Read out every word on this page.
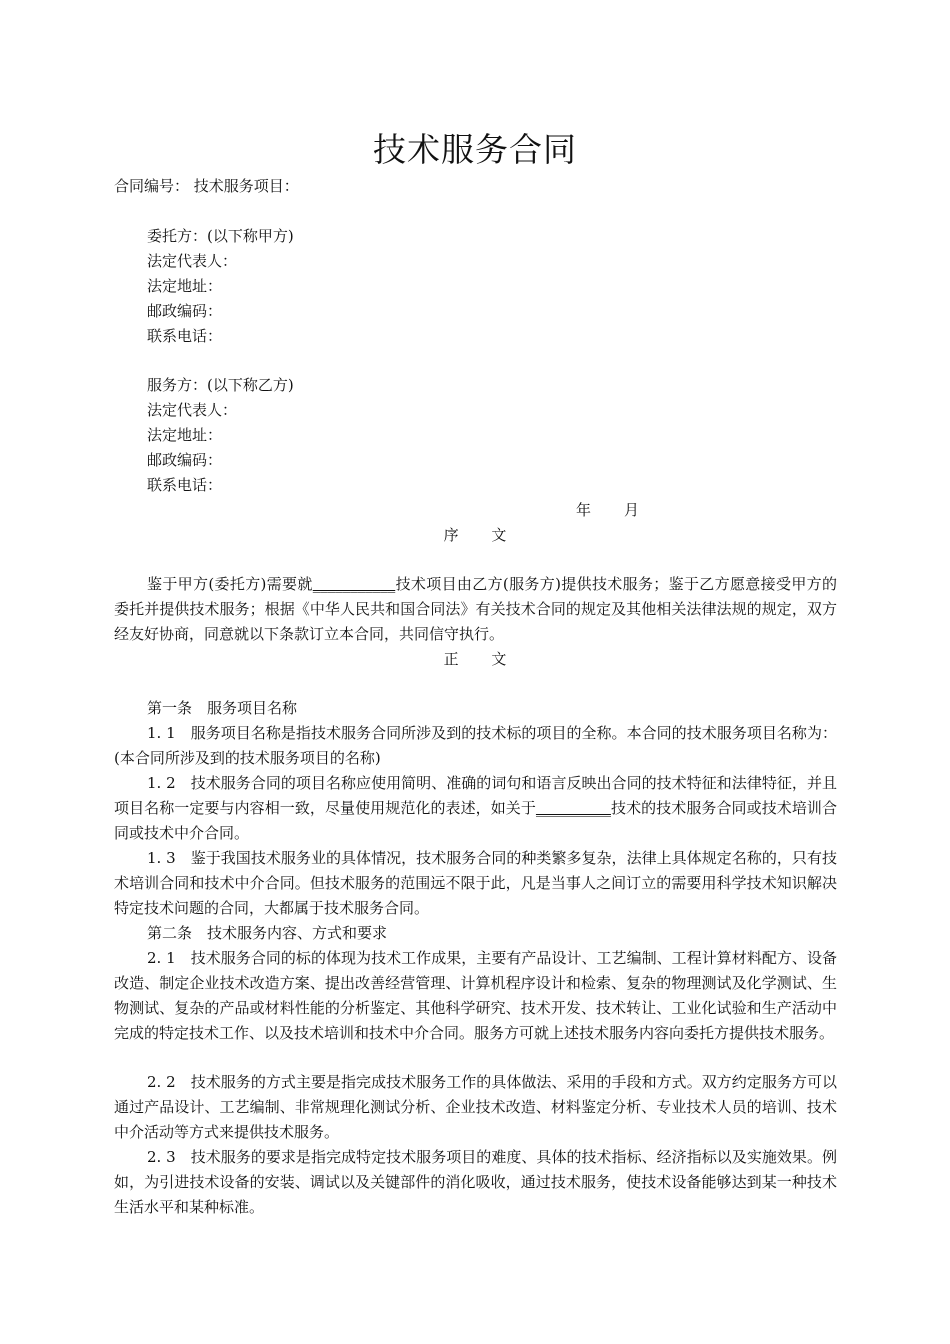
技术服务合同
合同编号： 技术服务项目：
委托方：(以下称甲方)
法定代表人：
法定地址：
邮政编码：
联系电话：
服务方：(以下称乙方)
法定代表人：
法定地址：
邮政编码：
联系电话：
年 月
序 文
鉴于甲方(委托方)需要就___________技术项目由乙方(服务方)提供技术服务；鉴于乙方愿意接受甲方的委托并提供技术服务；根据《中华人民共和国合同法》有关技术合同的规定及其他相关法律法规的规定，双方经友好协商，同意就以下条款订立本合同，共同信守执行。
正 文
第一条　服务项目名称
1. 1　服务项目名称是指技术服务合同所涉及到的技术标的项目的全称。本合同的技术服务项目名称为：(本合同所涉及到的技术服务项目的名称)
1. 2　技术服务合同的项目名称应使用简明、准确的词句和语言反映出合同的技术特征和法律特征，并且项目名称一定要与内容相一致，尽量使用规范化的表述，如关于__________技术的技术服务合同或技术培训合同或技术中介合同。
1. 3　鉴于我国技术服务业的具体情况，技术服务合同的种类繁多复杂，法律上具体规定名称的，只有技术培训合同和技术中介合同。但技术服务的范围远不限于此，凡是当事人之间订立的需要用科学技术知识解决特定技术问题的合同，大都属于技术服务合同。
第二条　技术服务内容、方式和要求
2. 1　技术服务合同的标的体现为技术工作成果，主要有产品设计、工艺编制、工程计算材料配方、设备改造、制定企业技术改造方案、提出改善经营管理、计算机程序设计和检索、复杂的物理测试及化学测试、生物测试、复杂的产品或材料性能的分析鉴定、其他科学研究、技术开发、技术转让、工业化试验和生产活动中完成的特定技术工作、以及技术培训和技术中介合同。服务方可就上述技术服务内容向委托方提供技术服务。
2. 2　技术服务的方式主要是指完成技术服务工作的具体做法、采用的手段和方式。双方约定服务方可以通过产品设计、工艺编制、非常规理化测试分析、企业技术改造、材料鉴定分析、专业技术人员的培训、技术中介活动等方式来提供技术服务。
2. 3　技术服务的要求是指完成特定技术服务项目的难度、具体的技术指标、经济指标以及实施效果。例如，为引进技术设备的安装、调试以及关键部件的消化吸收，通过技术服务，使技术设备能够达到某一种技术生活水平和某种标准。
